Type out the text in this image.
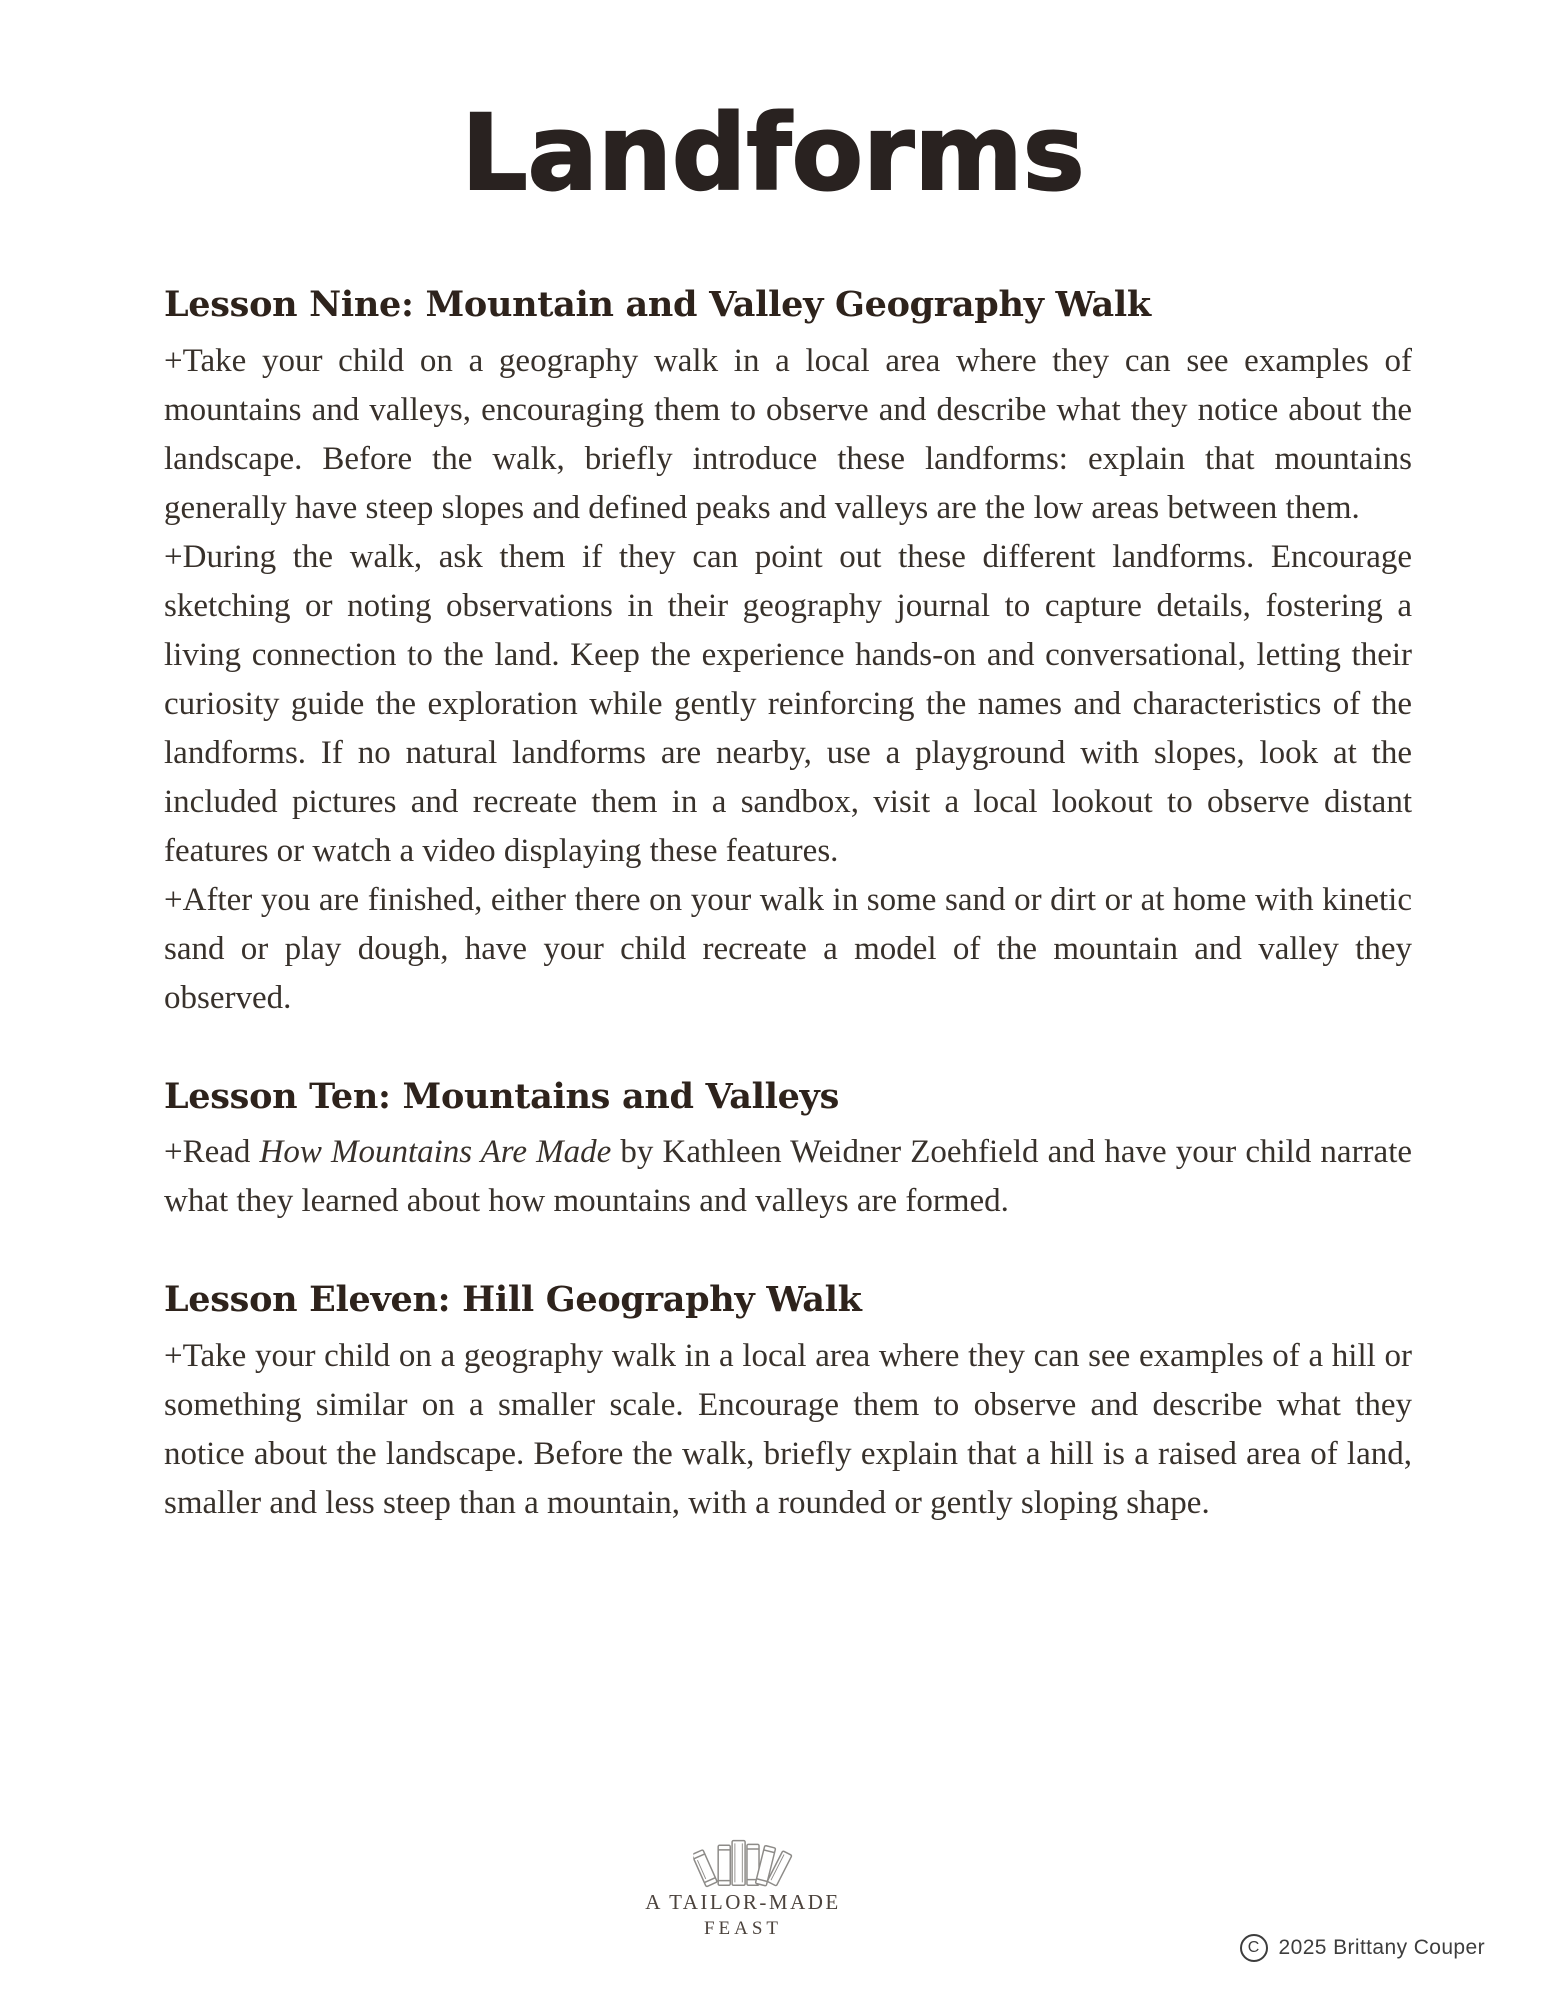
Landforms
Lesson Nine: Mountain and Valley Geography Walk

+Take your child on a geography walk in a local area where they can see examples of mountains and valleys, encouraging them to observe and describe what they notice about the landscape. Before the walk, briefly introduce these landforms: explain that mountains generally have steep slopes and defined peaks and valleys are the low areas between them.

+During the walk, ask them if they can point out these different landforms. Encourage sketching or noting observations in their geography journal to capture details, fostering a living connection to the land. Keep the experience hands-on and conversational, letting their curiosity guide the exploration while gently reinforcing the names and characteristics of the landforms. If no natural landforms are nearby, use a playground with slopes, look at the included pictures and recreate them in a sandbox, visit a local lookout to observe distant features or watch a video displaying these features.

+After you are finished, either there on your walk in some sand or dirt or at home with kinetic sand or play dough, have your child recreate a model of the mountain and valley they observed.

Lesson Ten: Mountains and Valleys

+Read How Mountains Are Made by Kathleen Weidner Zoehfield and have your child narrate what they learned about how mountains and valleys are formed.

Lesson Eleven: Hill Geography Walk

+Take your child on a geography walk in a local area where they can see examples of a hill or something similar on a smaller scale. Encourage them to observe and describe what they notice about the landscape. Before the walk, briefly explain that a hill is a raised area of land, smaller and less steep than a mountain, with a rounded or gently sloping shape.

A TAILOR-MADE
FEAST
C 2025 Brittany Couper
